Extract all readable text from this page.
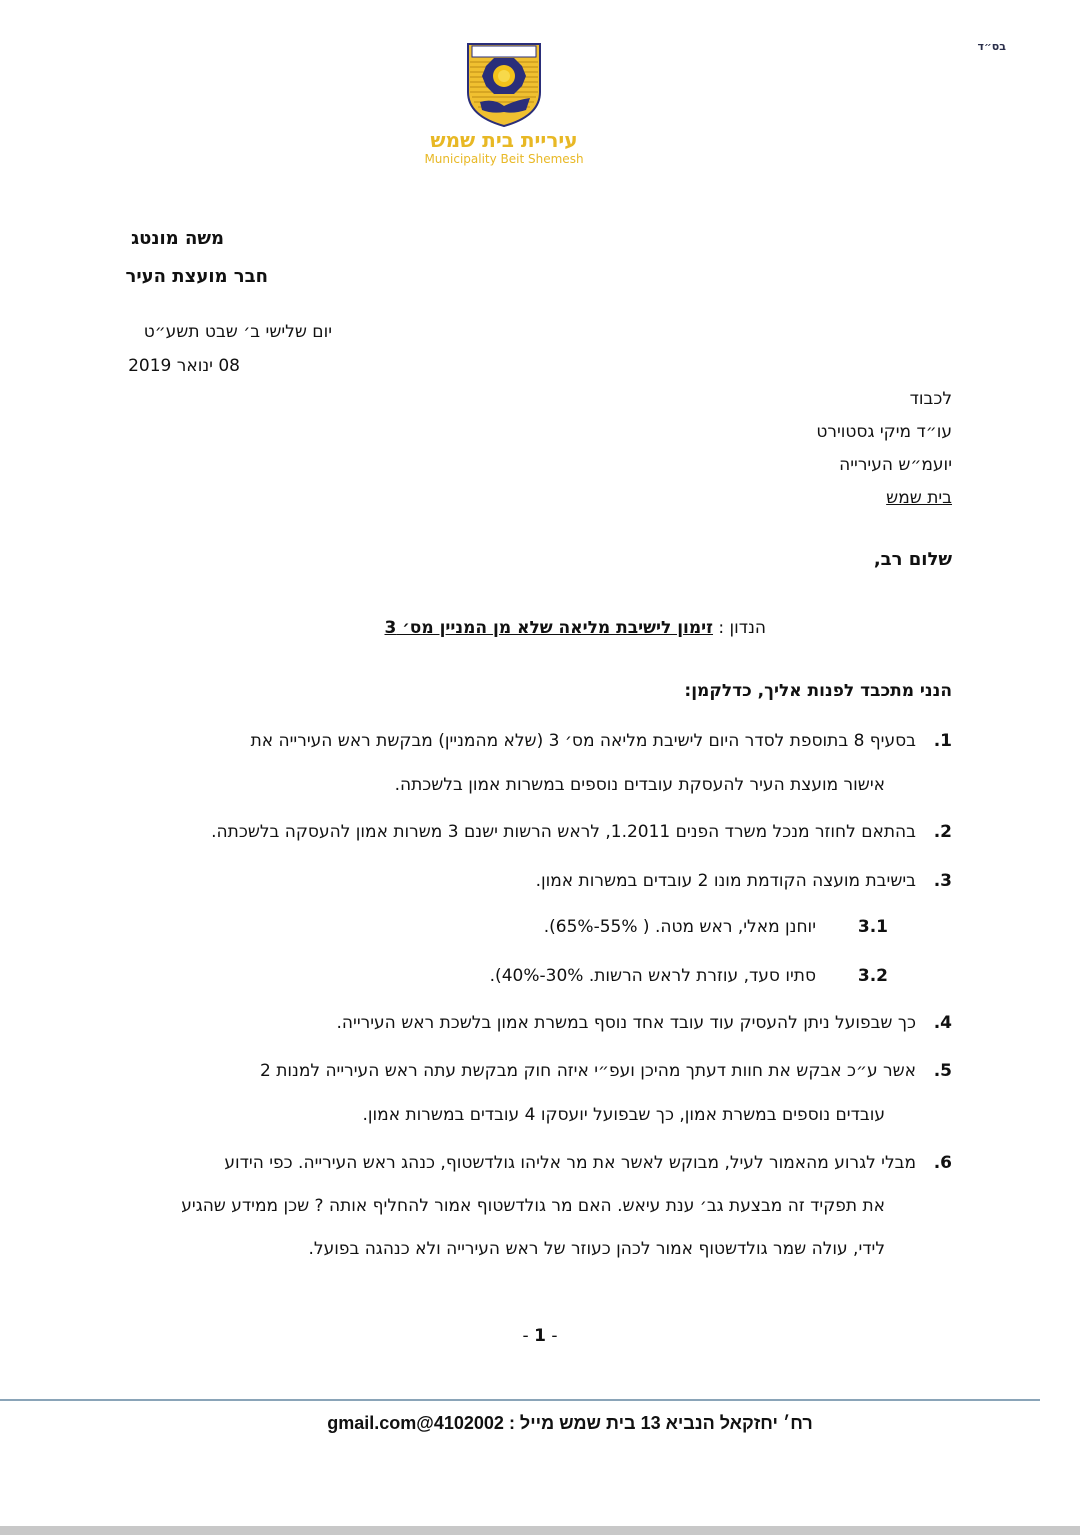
בס״ד
עיריית בית שמש
Municipality Beit Shemesh
משה מונטג
חבר מועצת העיר
יום שלישי ב׳ שבט תשע״ט
08 ינואר 2019
לכבוד
עו״ד מיקי גסטוירט
יועמ״ש העירייה
בית שמש
שלום רב,
הנדון : זימון לישיבת מליאה שלא מן המניין מס׳ 3
הנני מתכבד לפנות אליך, כדלקמן:
1.בסעיף 8 בתוספת לסדר היום לישיבת מליאה מס׳ 3 (שלא מהמניין) מבקשת ראש העירייה את
אישור מועצת העיר להעסקת עובדים נוספים במשרות אמון בלשכתה.
2.בהתאם לחוזר מנכל משרד הפנים 1.2011, לראש הרשות ישנם 3 משרות אמון להעסקה בלשכתה.
3.בישיבת מועצה הקודמת מונו 2 עובדים במשרות אמון.
3.1יוחנן מאלי, ראש מטה. ( 55%-65%).
3.2סתיו סעד, עוזרת לראש הרשות. 30%-40%).
4.כך שבפועל ניתן להעסיק עוד עובד אחד נוסף במשרת אמון בלשכת ראש העירייה.
5.אשר ע״כ אבקש את חוות דעתך מהיכן ועפ״י איזה חוק מבקשת עתה ראש העירייה למנות 2
עובדים נוספים במשרת אמון, כך שבפועל יועסקו 4 עובדים במשרות אמון.
6.מבלי לגרוע מהאמור לעיל, מבוקש לאשר את מר אליהו גולדשטוף, כנהג ראש העירייה. כפי הידוע
את תפקיד זה מבצעת גב׳ ענת עיאש. האם מר גולדשטוף אמור להחליף אותה ? שכן ממידע שהגיע
לידי, עולה שמר גולדשטוף אמור לכהן כעוזר של ראש העירייה ולא כנהגה בפועל.
- 1 -
רח׳ יחזקאל הנביא 13 בית שמש מייל : 4102002@gmail.com
